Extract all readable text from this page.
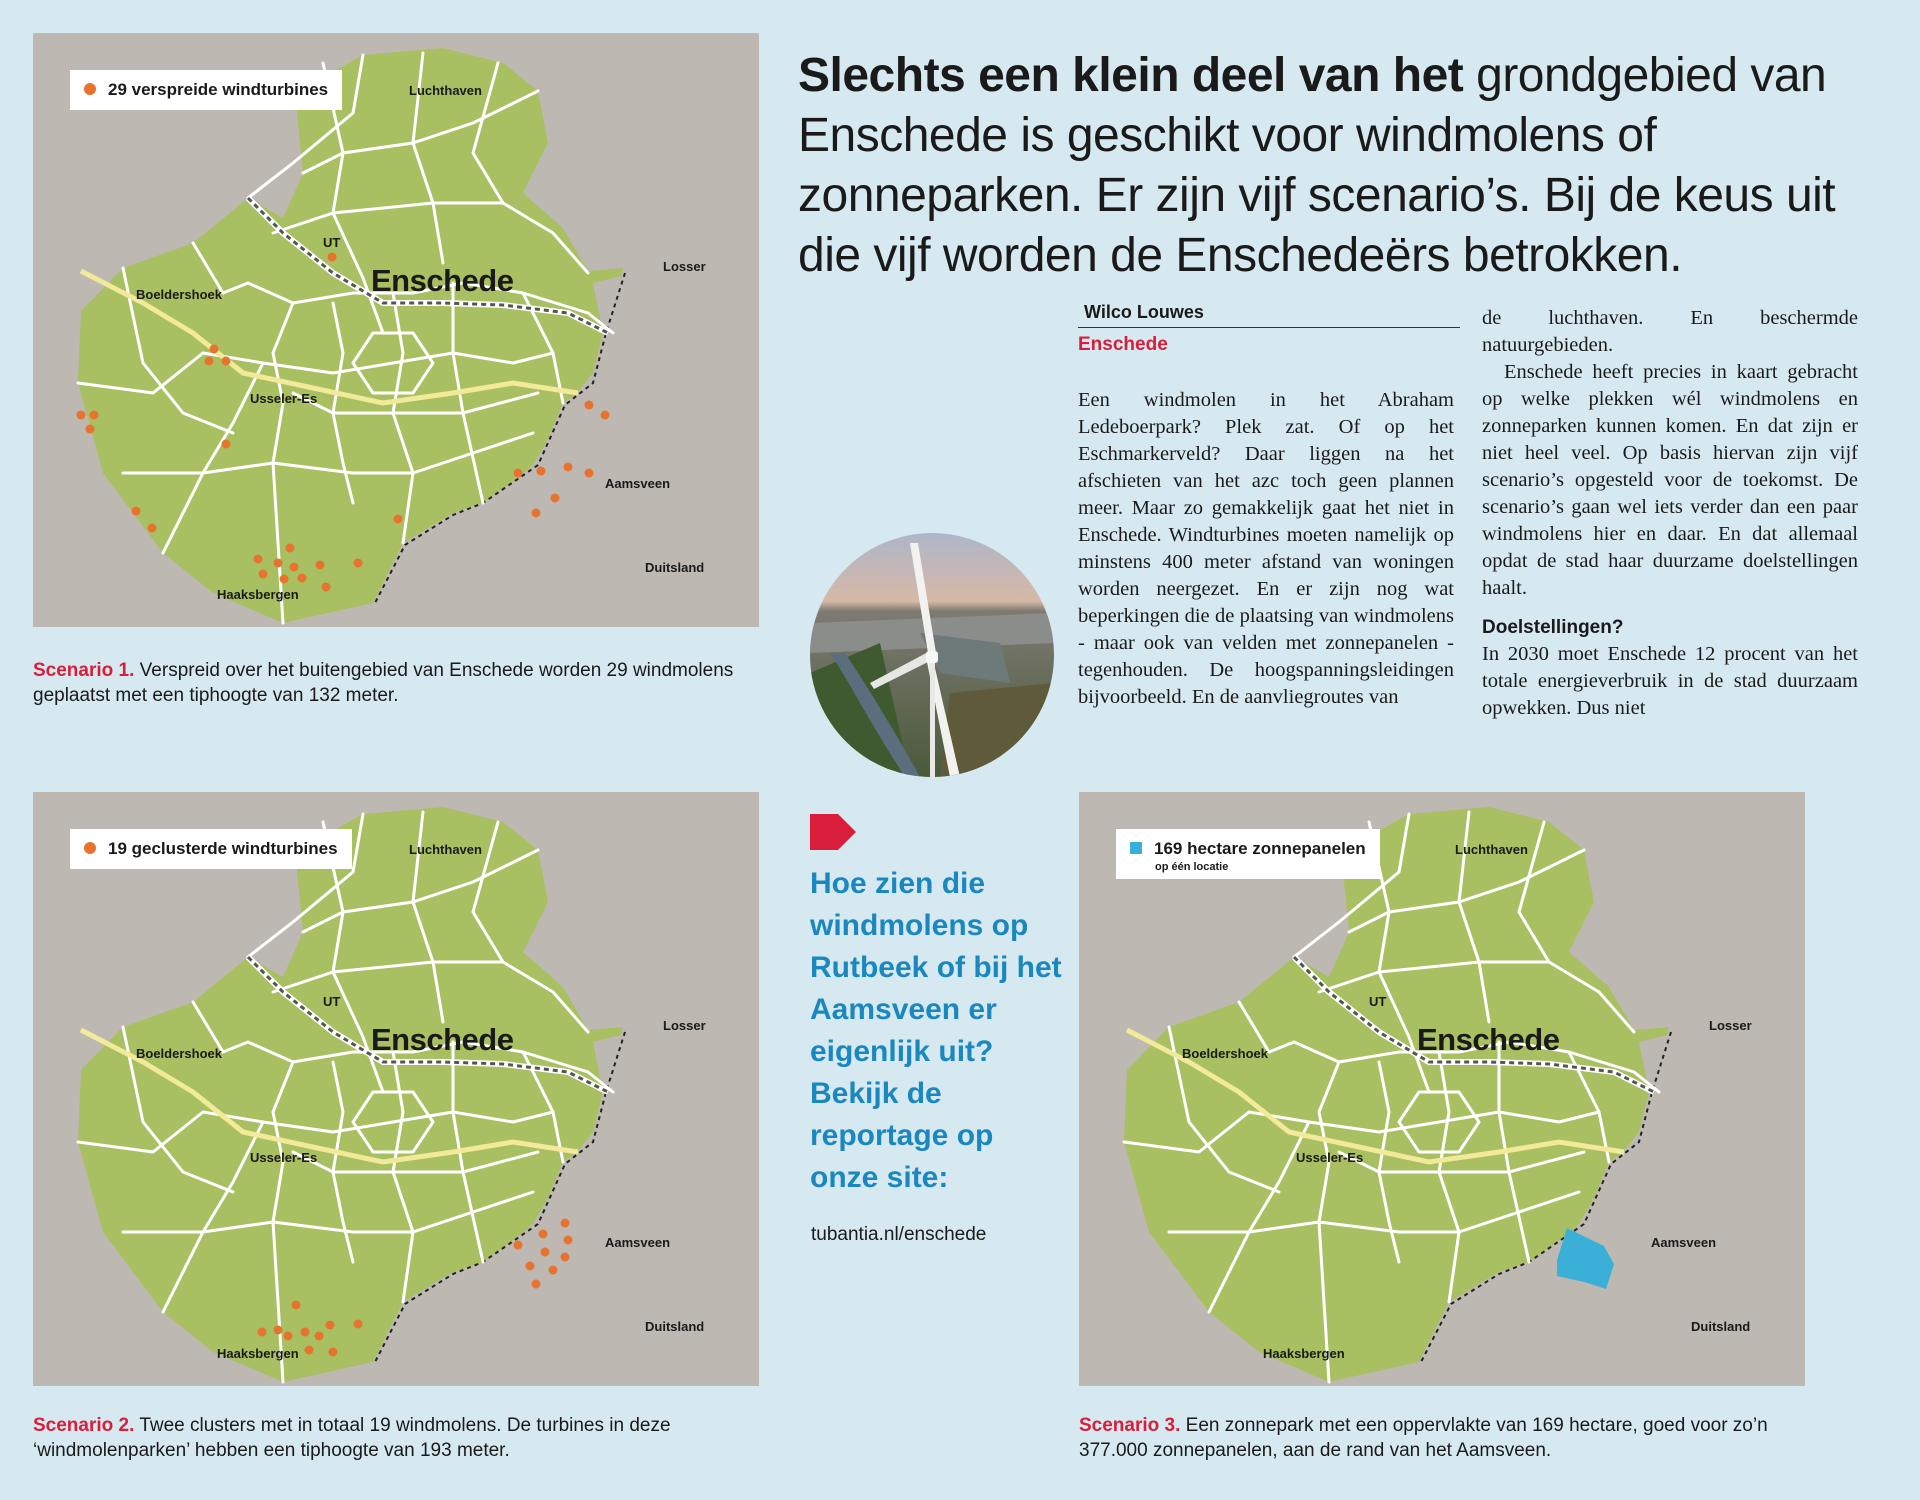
29 verspreide windturbines	Luchthaven
UT
Enschede	Losser
Boeldershoek
Usseler-Es
Aamsveen
Duitsland
Haaksbergen
Scenario 1. Verspreid over het buitengebied van Enschede worden 29 windmolens geplaatst met een tiphoogte van 132 meter.
19 geclusterde windturbines	Luchthaven
UT
Enschede	Losser
Boeldershoek
Usseler-Es
Aamsveen
Duitsland
Haaksbergen
Scenario 2. Twee clusters met in totaal 19 windmolens. De turbines in deze ‘windmolenparken’ hebben een tiphoogte van 193 meter.
169 hectare zonnepanelen
op één locatie
Luchthaven
UT
Enschede	Losser
Boeldershoek
Usseler-Es
Aamsveen
Duitsland
Haaksbergen
Scenario 3. Een zonnepark met een oppervlakte van 169 hectare, goed voor zo’n 377.000 zonnepanelen, aan de rand van het Aamsveen.
Slechts een klein deel van het grondgebied van Enschede is geschikt voor windmolens of zonneparken. Er zijn vijf scenario’s. Bij de keus uit die vijf worden de Enschedeërs betrokken.
Wilco Louwes
Enschede

Een windmolen in het Abraham Ledeboerpark? Plek zat. Of op het Eschmarkerveld? Daar liggen na het afschieten van het azc toch geen plannen meer. Maar zo gemakkelijk gaat het niet in Enschede. Windturbines moeten namelijk op minstens 400 meter afstand van woningen worden neergezet. En er zijn nog wat beperkingen die de plaatsing van windmolens - maar ook van velden met zonnepanelen - tegenhouden. De hoogspanningsleidingen bijvoorbeeld. En de aanvliegroutes van

de luchthaven. En beschermde natuurgebieden.

Enschede heeft precies in kaart gebracht op welke plekken wél windmolens en zonneparken kunnen komen. En dat zijn er niet heel veel. Op basis hiervan zijn vijf scenario’s opgesteld voor de toekomst. De scenario’s gaan wel iets verder dan een paar windmolens hier en daar. En dat allemaal opdat de stad haar duurzame doelstellingen haalt.

Doelstellingen?

In 2030 moet Enschede 12 procent van het totale energieverbruik in de stad duurzaam opwekken. Dus niet

Hoe zien die windmolens op Rutbeek of bij het Aamsveen er eigenlijk uit? Bekijk de reportage op onze site:
tubantia.nl/enschede
